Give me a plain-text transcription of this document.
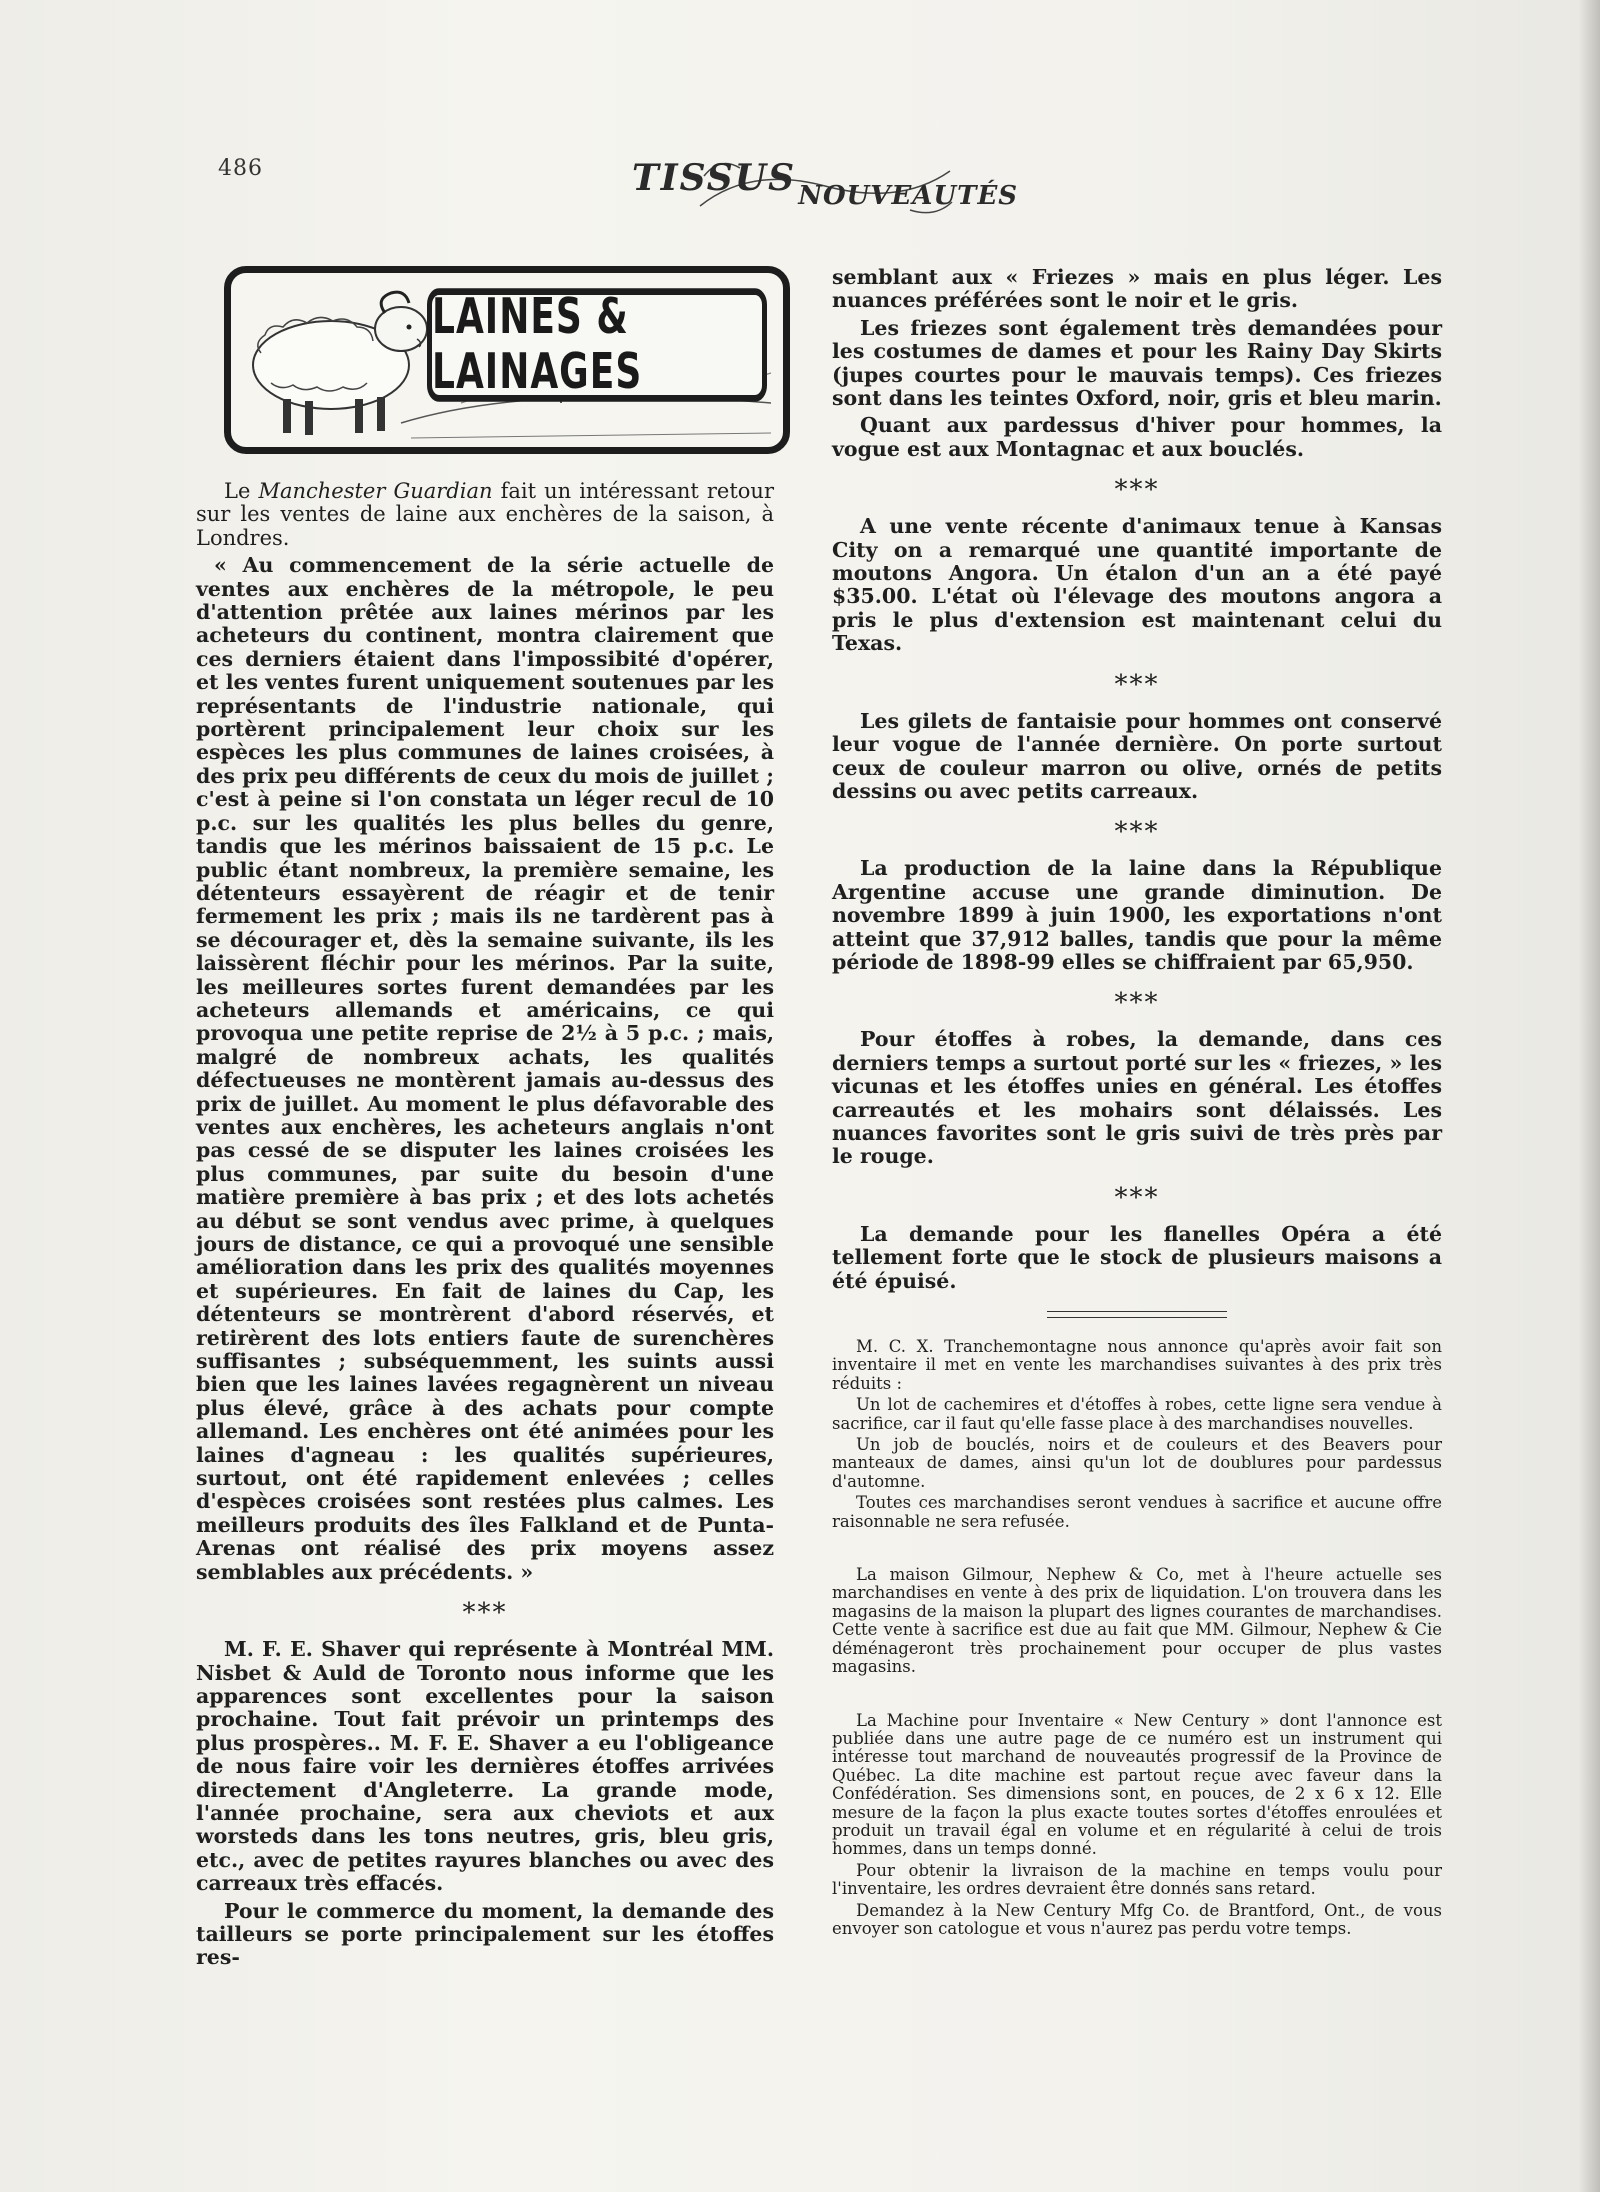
486	TISSUS NOUVEAUTÉS
LAINES & LAINAGES

Le Manchester Guardian fait un intéressant retour sur les ventes de laine aux enchères de la saison, à Londres.

« Au commencement de la série actuelle de ventes aux enchères de la métropole, le peu d'attention prêtée aux laines mérinos par les acheteurs du continent, montra clairement que ces derniers étaient dans l'impossibité d'opérer, et les ventes furent uniquement soutenues par les représentants de l'industrie nationale, qui portèrent principalement leur choix sur les espèces les plus communes de laines croisées, à des prix peu différents de ceux du mois de juillet ; c'est à peine si l'on constata un léger recul de 10 p.c. sur les qualités les plus belles du genre, tandis que les mérinos baissaient de 15 p.c. Le public étant nombreux, la première semaine, les détenteurs essayèrent de réagir et de tenir fermement les prix ; mais ils ne tardèrent pas à se décourager et, dès la semaine suivante, ils les laissèrent fléchir pour les mérinos. Par la suite, les meilleures sortes furent demandées par les acheteurs allemands et américains, ce qui provoqua une petite reprise de 2½ à 5 p.c. ; mais, malgré de nombreux achats, les qualités défectueuses ne montèrent jamais au-dessus des prix de juillet. Au moment le plus défavorable des ventes aux enchères, les acheteurs anglais n'ont pas cessé de se disputer les laines croisées les plus communes, par suite du besoin d'une matière première à bas prix ; et des lots achetés au début se sont vendus avec prime, à quelques jours de distance, ce qui a provoqué une sensible amélioration dans les prix des qualités moyennes et supérieures. En fait de laines du Cap, les détenteurs se montrèrent d'abord réservés, et retirèrent des lots entiers faute de surenchères suffisantes ; subséquemment, les suints aussi bien que les laines lavées regagnèrent un niveau plus élevé, grâce à des achats pour compte allemand. Les enchères ont été animées pour les laines d'agneau : les qualités supérieures, surtout, ont été rapidement enlevées ; celles d'espèces croisées sont restées plus calmes. Les meilleurs produits des îles Falkland et de Punta-Arenas ont réalisé des prix moyens assez semblables aux précédents. »

***

M. F. E. Shaver qui représente à Montréal MM. Nisbet & Auld de Toronto nous informe que les apparences sont excellentes pour la saison prochaine. Tout fait prévoir un printemps des plus prospères.. M. F. E. Shaver a eu l'obligeance de nous faire voir les dernières étoffes arrivées directement d'Angleterre. La grande mode, l'année prochaine, sera aux cheviots et aux worsteds dans les tons neutres, gris, bleu gris, etc., avec de petites rayures blanches ou avec des carreaux très effacés.

Pour le commerce du moment, la demande des tailleurs se porte principalement sur les étoffes res-

semblant aux « Friezes » mais en plus léger. Les nuances préférées sont le noir et le gris.

Les friezes sont également très demandées pour les costumes de dames et pour les Rainy Day Skirts (jupes courtes pour le mauvais temps). Ces friezes sont dans les teintes Oxford, noir, gris et bleu marin.

Quant aux pardessus d'hiver pour hommes, la vogue est aux Montagnac et aux bouclés.

***

A une vente récente d'animaux tenue à Kansas City on a remarqué une quantité importante de moutons Angora. Un étalon d'un an a été payé $35.00. L'état où l'élevage des moutons angora a pris le plus d'extension est maintenant celui du Texas.

***

Les gilets de fantaisie pour hommes ont conservé leur vogue de l'année dernière. On porte surtout ceux de couleur marron ou olive, ornés de petits dessins ou avec petits carreaux.

***

La production de la laine dans la République Argentine accuse une grande diminution. De novembre 1899 à juin 1900, les exportations n'ont atteint que 37,912 balles, tandis que pour la même période de 1898-99 elles se chiffraient par 65,950.

***

Pour étoffes à robes, la demande, dans ces derniers temps a surtout porté sur les « friezes, » les vicunas et les étoffes unies en général. Les étoffes carreautés et les mohairs sont délaissés. Les nuances favorites sont le gris suivi de très près par le rouge.

***

La demande pour les flanelles Opéra a été tellement forte que le stock de plusieurs maisons a été épuisé.

M. C. X. Tranchemontagne nous annonce qu'après avoir fait son inventaire il met en vente les marchandises suivantes à des prix très réduits :

Un lot de cachemires et d'étoffes à robes, cette ligne sera vendue à sacrifice, car il faut qu'elle fasse place à des marchandises nouvelles.

Un job de bouclés, noirs et de couleurs et des Beavers pour manteaux de dames, ainsi qu'un lot de doublures pour pardessus d'automne.

Toutes ces marchandises seront vendues à sacrifice et aucune offre raisonnable ne sera refusée.

La maison Gilmour, Nephew & Co, met à l'heure actuelle ses marchandises en vente à des prix de liquidation. L'on trouvera dans les magasins de la maison la plupart des lignes courantes de marchandises. Cette vente à sacrifice est due au fait que MM. Gilmour, Nephew & Cie déménageront très prochainement pour occuper de plus vastes magasins.

La Machine pour Inventaire « New Century » dont l'annonce est publiée dans une autre page de ce numéro est un instrument qui intéresse tout marchand de nouveautés progressif de la Province de Québec. La dite machine est partout reçue avec faveur dans la Confédération. Ses dimensions sont, en pouces, de 2 x 6 x 12. Elle mesure de la façon la plus exacte toutes sortes d'étoffes enroulées et produit un travail égal en volume et en régularité à celui de trois hommes, dans un temps donné.

Pour obtenir la livraison de la machine en temps voulu pour l'inventaire, les ordres devraient être donnés sans retard.

Demandez à la New Century Mfg Co. de Brantford, Ont., de vous envoyer son catologue et vous n'aurez pas perdu votre temps.
